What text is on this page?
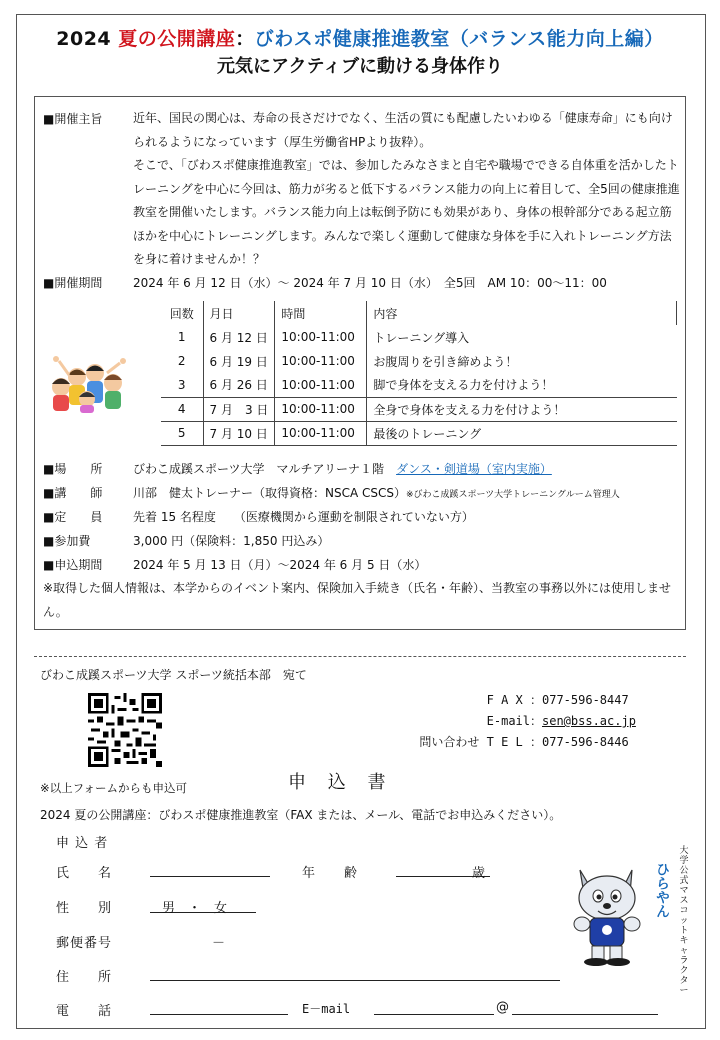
2024 夏の公開講座：びわスポ健康推進教室（バランス能力向上編）
元気にアクティブに動ける身体作り
■開催主旨	近年、国民の関心は、寿命の長さだけでなく、生活の質にも配慮したいわゆる「健康寿命」にも向けられるようになっています（厚生労働省HPより抜粋）。
そこで、「びわスポ健康推進教室」では、参加したみなさまと自宅や職場でできる自体重を活かしたトレーニングを中心に今回は、筋力が劣ると低下するバランス能力の向上に着目して、全5回の健康推進教室を開催いたします。バランス能力向上は転倒予防にも効果があり、身体の根幹部分である起立筋ほかを中心にトレーニングします。みんなで楽しく運動して健康な身体を手に入れトレーニング方法を身に着けませんか！？
■開催期間	2024 年 6 月 12 日（水）～ 2024 年 7 月 10 日（水）　全5回　AM 10：00～11：00
回数	月日	時間	内容
1	6 月 12 日	10:00-11:00	トレーニング導入
2	6 月 19 日	10:00-11:00	お腹周りを引き締めよう！
3	6 月 26 日	10:00-11:00	脚で身体を支える力を付けよう！
4	7 月　3 日	10:00-11:00	全身で身体を支える力を付けよう！
5	7 月 10 日	10:00-11:00	最後のトレーニング
■場　　所	びわこ成蹊スポーツ大学　マルチアリーナ１階　 ダンス・剣道場（室内実施）
■講　　師	川部　健太トレーナー（取得資格：NSCA CSCS）※びわこ成蹊スポーツ大学トレーニングルーム管理人
■定　　員	先着 15 名程度　　（医療機関から運動を制限されていない方）
■参加費	3,000 円（保険料：1,850 円込み）
■申込期間	2024 年 5 月 13 日（月）～2024 年 6 月 5 日（水）
※取得した個人情報は、本学からのイベント案内、保険加入手続き（氏名・年齢）、当教室の事務以外には使用しません。
びわこ成蹊スポーツ大学 スポーツ統括本部　宛て
※以上フォームからも申込可
F A X ：077-596-8447
E-mail：sen@bss.ac.jp
問い合わせ T E L ：077-596-8446
申 込 書
2024 夏の公開講座：びわスポ健康推進教室（FAX または、メール、電話でお申込みください）。
申 込 者
氏　　名	年　　齢	歳
性　　別	男　・　女
郵便番号	－
住　　所
電　　話	E－mail	@
ひらやん
大学公式マスコットキャラクター
